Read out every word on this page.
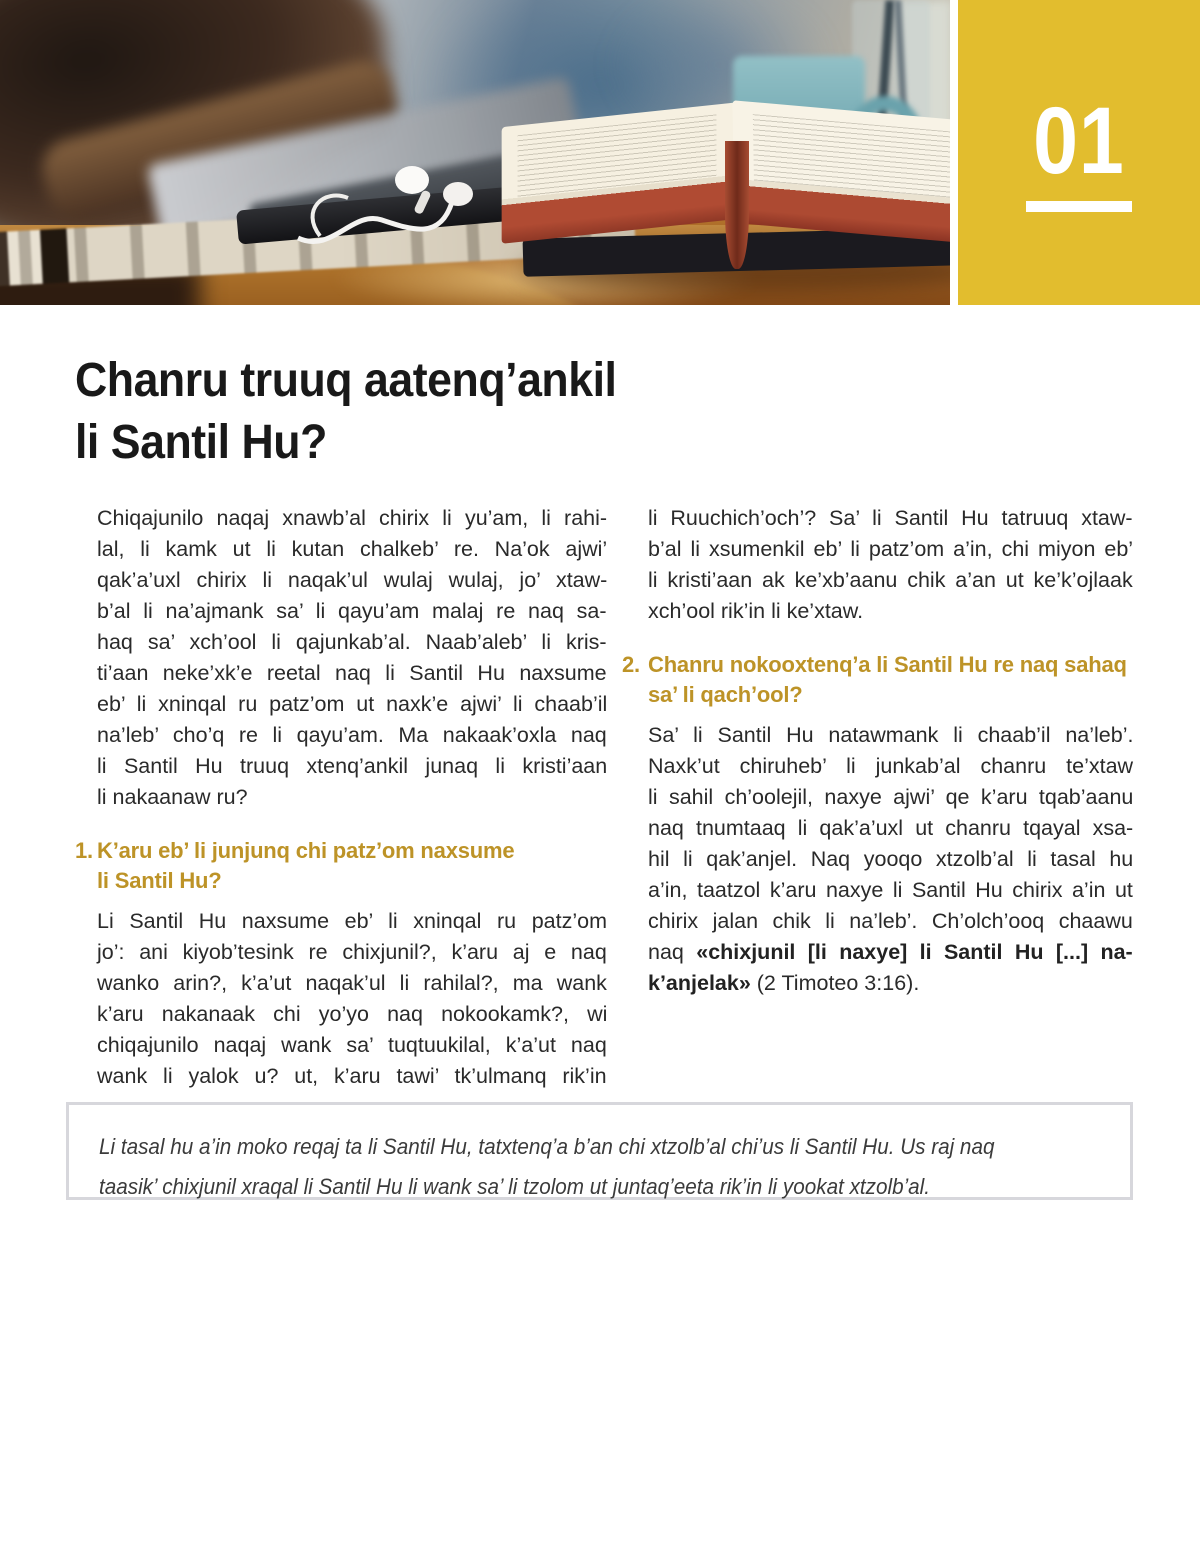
01
Chanru truuq aatenq’ankil
li Santil Hu?
Chiqajunilo naqaj xnawb’al chirix li yu’am, li rahi-
lal, li kamk ut li kutan chalkeb’ re. Na’ok ajwi’
qak’a’uxl chirix li naqak’ul wulaj wulaj, jo’ xtaw-
b’al li na’ajmank sa’ li qayu’am malaj re naq sa-
haq sa’ xch’ool li qajunkab’al. Naab’aleb’ li kris-
ti’aan neke’xk’e reetal naq li Santil Hu naxsume
eb’ li xninqal ru patz’om ut naxk’e ajwi’ li chaab’il
na’leb’ cho’q re li qayu’am. Ma nakaak’oxla naq
li Santil Hu truuq xtenq’ankil junaq li kristi’aan
li nakaanaw ru?
1. K’aru eb’ li junjunq chi patz’om naxsume
li Santil Hu?
Li Santil Hu naxsume eb’ li xninqal ru patz’om
jo’: ani kiyob’tesink re chixjunil?, k’aru aj e naq
wanko arin?, k’a’ut naqak’ul li rahilal?, ma wank
k’aru nakanaak chi yo’yo naq nokookamk?, wi
chiqajunilo naqaj wank sa’ tuqtuukilal, k’a’ut naq
wank li yalok u? ut, k’aru tawi’ tk’ulmanq rik’in
li Ruuchich’och’? Sa’ li Santil Hu tatruuq xtaw-
b’al li xsumenkil eb’ li patz’om a’in, chi miyon eb’
li kristi’aan ak ke’xb’aanu chik a’an ut ke’k’ojlaak
xch’ool rik’in li ke’xtaw.
2. Chanru nokooxtenq’a li Santil Hu re naq sahaq
sa’ li qach’ool?
Sa’ li Santil Hu natawmank li chaab’il na’leb’.
Naxk’ut chiruheb’ li junkab’al chanru te’xtaw
li sahil ch’oolejil, naxye ajwi’ qe k’aru tqab’aanu
naq tnumtaaq li qak’a’uxl ut chanru tqayal xsa-
hil li qak’anjel. Naq yooqo xtzolb’al li tasal hu
a’in, taatzol k’aru naxye li Santil Hu chirix a’in ut
chirix jalan chik li na’leb’. Ch’olch’ooq chaawu
naq «chixjunil [li naxye] li Santil Hu [...] na-
k’anjelak» (2 Timoteo 3:16).
Li tasal hu a’in moko reqaj ta li Santil Hu, tatxtenq’a b’an chi xtzolb’al chi’us li Santil Hu. Us raj naq
taasik’ chixjunil xraqal li Santil Hu li wank sa’ li tzolom ut juntaq’eeta rik’in li yookat xtzolb’al.
